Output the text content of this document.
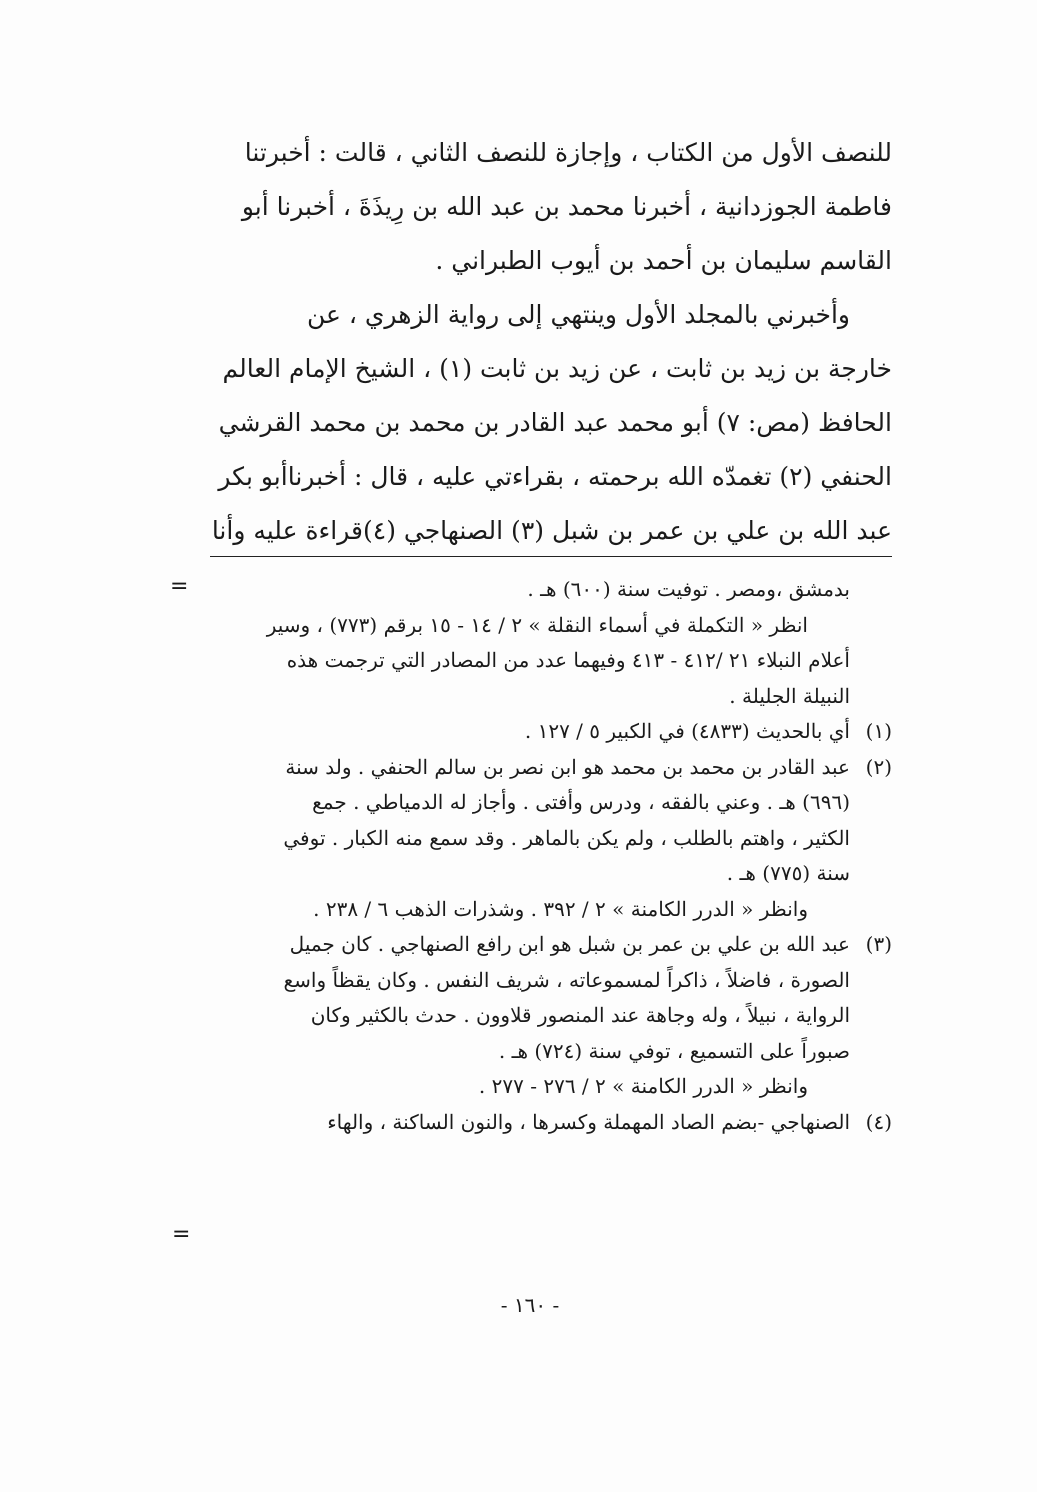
للنصف الأول من الكتاب ، وإجازة للنصف الثاني ، قالت : أخبرتنا
فاطمة الجوزدانية ، أخبرنا محمد بن عبد الله بن رِيذَةَ ، أخبرنا أبو
القاسم سليمان بن أحمد بن أيوب الطبراني .
وأخبرني بالمجلد الأول وينتهي إلى رواية الزهري ، عن
خارجة بن زيد بن ثابت ، عن زيد بن ثابت (١) ، الشيخ الإمام العالم
الحافظ (مص: ٧) أبو محمد عبد القادر بن محمد بن محمد القرشي
الحنفي (٢) تغمدّه الله برحمته ، بقراءتي عليه ، قال : أخبرناأبو بكر
عبد الله بن علي بن عمر بن شبل (٣) الصنهاجي (٤)قراءة عليه وأنا
=	بدمشق ،ومصر . توفيت سنة (٦٠٠) هـ .
انظر « التكملة في أسماء النقلة » ٢ / ١٤ - ١٥ برقم (٧٧٣) ، وسير
أعلام النبلاء ٢١ /٤١٢ - ٤١٣ وفيهما عدد من المصادر التي ترجمت هذه
النبيلة الجليلة .
(١)أي بالحديث (٤٨٣٣) في الكبير ٥ / ١٢٧ .
(٢)عبد القادر بن محمد بن محمد هو ابن نصر بن سالم الحنفي . ولد سنة
(٦٩٦) هـ . وعني بالفقه ، ودرس وأفتى . وأجاز له الدمياطي . جمع
الكثير ، واهتم بالطلب ، ولم يكن بالماهر . وقد سمع منه الكبار . توفي
سنة (٧٧٥) هـ .
وانظر « الدرر الكامنة » ٢ / ٣٩٢ . وشذرات الذهب ٦ / ٢٣٨ .
(٣)عبد الله بن علي بن عمر بن شبل هو ابن رافع الصنهاجي . كان جميل
الصورة ، فاضلاً ، ذاكراً لمسموعاته ، شريف النفس . وكان يقظاً واسع
الرواية ، نبيلاً ، وله وجاهة عند المنصور قلاوون . حدث بالكثير وكان
صبوراً على التسميع ، توفي سنة (٧٢٤) هـ .
وانظر « الدرر الكامنة » ٢ / ٢٧٦ - ٢٧٧ .
(٤)الصنهاجي -بضم الصاد المهملة وكسرها ، والنون الساكنة ، والهاء
=
- ١٦٠ -
